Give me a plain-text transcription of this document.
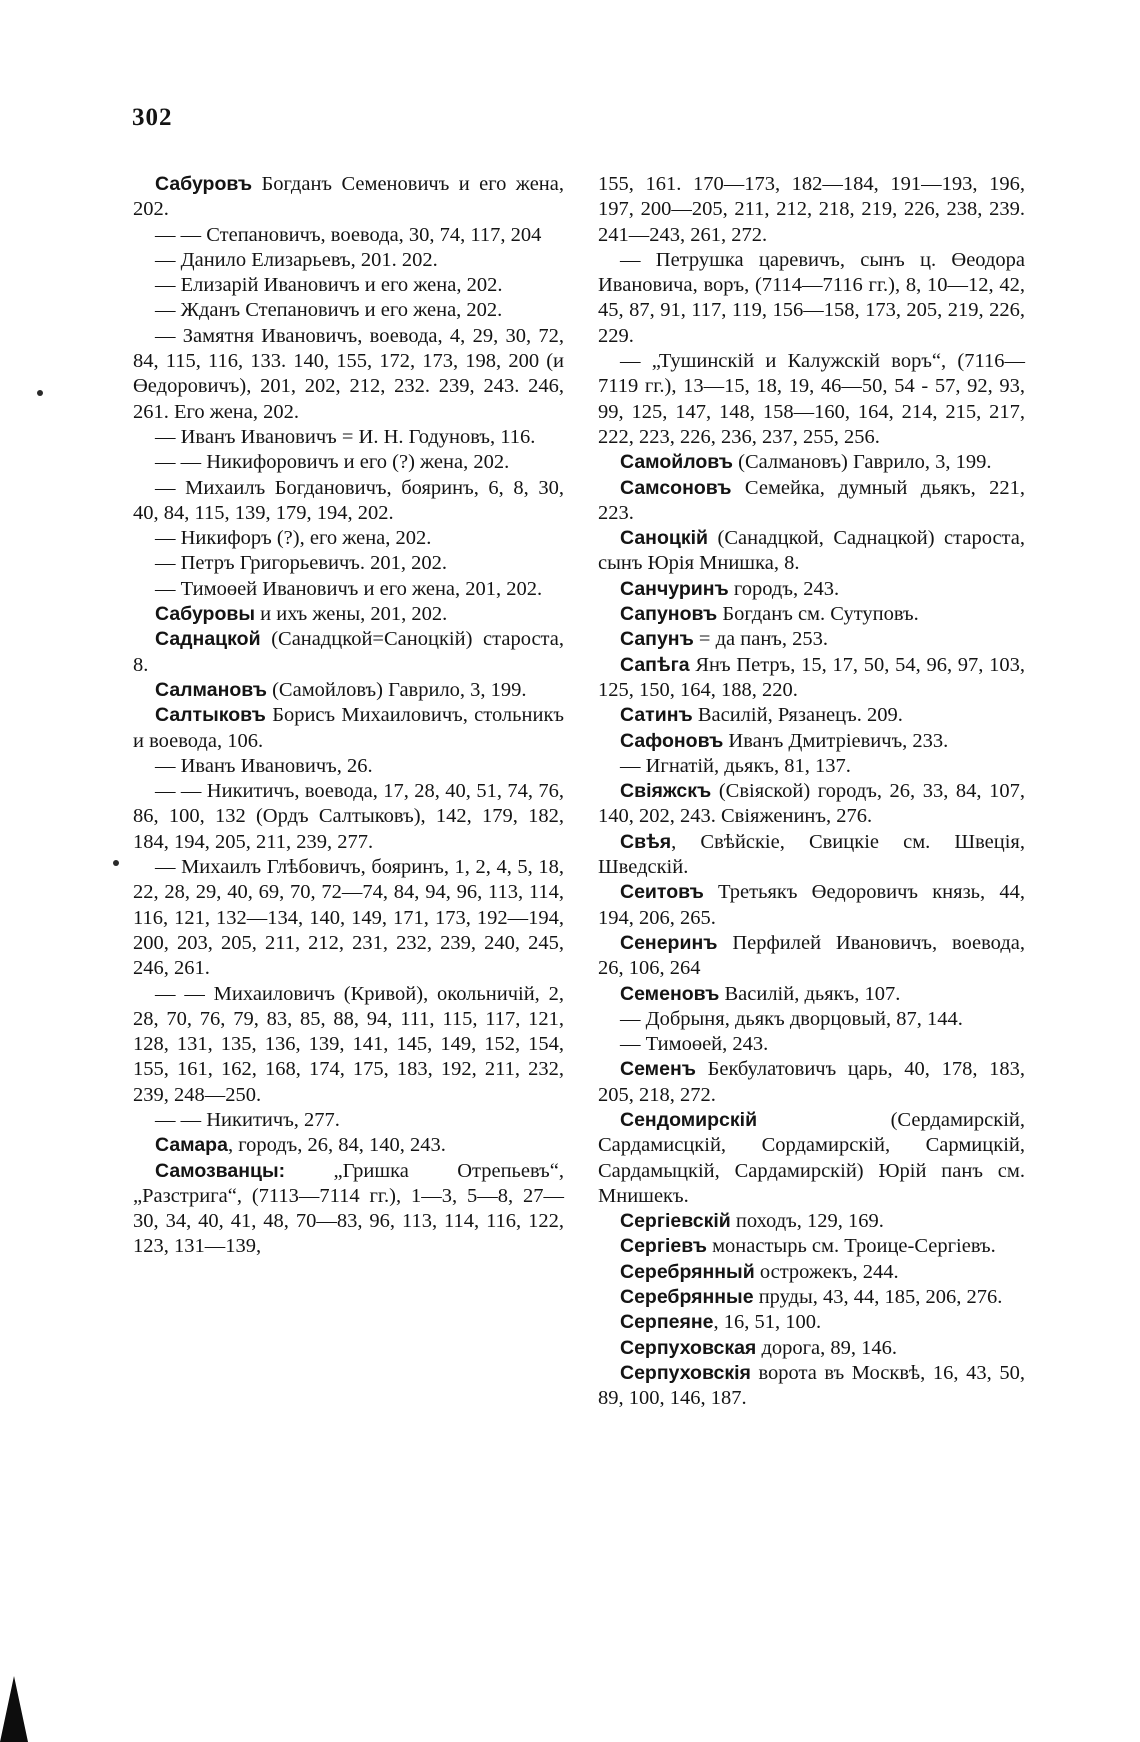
302

Сабуровъ Богданъ Семеновичъ и его жена, 202.

— — Степановичъ, воевода, 30, 74, 117, 204

— Данило Елизарьевъ, 201. 202.

— Елизарій Ивановичъ и его жена, 202.

— Жданъ Степановичъ и его жена, 202.

— Замятня Ивановичъ, воевода, 4, 29, 30, 72, 84, 115, 116, 133. 140, 155, 172, 173, 198, 200 (и Өедоровичъ), 201, 202, 212, 232. 239, 243. 246, 261. Его жена, 202.

— Иванъ Ивановичъ = И. Н. Годуновъ, 116.

— — Никифоровичъ и его (?) жена, 202.

— Михаилъ Богдановичъ, бояринъ, 6, 8, 30, 40, 84, 115, 139, 179, 194, 202.

— Никифоръ (?), его жена, 202.

— Петръ Григорьевичъ. 201, 202.

— Тимоөей Ивановичъ и его жена, 201, 202.

Сабуровы и ихъ жены, 201, 202.

Саднацкой (Санадцкой=Саноцкій) староста, 8.

Салмановъ (Самойловъ) Гаврило, 3, 199.

Салтыковъ Борисъ Михаиловичъ, стольникъ и воевода, 106.

— Иванъ Ивановичъ, 26.

— — Никитичъ, воевода, 17, 28, 40, 51, 74, 76, 86, 100, 132 (Ордъ Салтыковъ), 142, 179, 182, 184, 194, 205, 211, 239, 277.

— Михаилъ Глѣбовичъ, бояринъ, 1, 2, 4, 5, 18, 22, 28, 29, 40, 69, 70, 72—74, 84, 94, 96, 113, 114, 116, 121, 132—134, 140, 149, 171, 173, 192—194, 200, 203, 205, 211, 212, 231, 232, 239, 240, 245, 246, 261.

— — Михаиловичъ (Кривой), окольничій, 2, 28, 70, 76, 79, 83, 85, 88, 94, 111, 115, 117, 121, 128, 131, 135, 136, 139, 141, 145, 149, 152, 154, 155, 161, 162, 168, 174, 175, 183, 192, 211, 232, 239, 248—250.

— — Никитичъ, 277.

Самара, городъ, 26, 84, 140, 243.

Самозванцы: „Гришка Отрепьевъ“, „Разстрига“, (7113—7114 гг.), 1—3, 5—8, 27—30, 34, 40, 41, 48, 70—83, 96, 113, 114, 116, 122, 123, 131—139,

155, 161. 170—173, 182—184, 191—193, 196, 197, 200—205, 211, 212, 218, 219, 226, 238, 239. 241—243, 261, 272.

— Петрушка царевичъ, сынъ ц. Өеодора Ивановича, воръ, (7114—7116 гг.), 8, 10—12, 42, 45, 87, 91, 117, 119, 156—158, 173, 205, 219, 226, 229.

— „Тушинскій и Калужскій воръ“, (7116—7119 гг.), 13—15, 18, 19, 46—50, 54 - 57, 92, 93, 99, 125, 147, 148, 158—160, 164, 214, 215, 217, 222, 223, 226, 236, 237, 255, 256.

Самойловъ (Салмановъ) Гаврило, 3, 199.

Самсоновъ Семейка, думный дьякъ, 221, 223.

Саноцкій (Санадцкой, Саднацкой) староста, сынъ Юрія Мнишка, 8.

Санчуринъ городъ, 243.

Сапуновъ Богданъ см. Сутуповъ.

Сапунъ = да панъ, 253.

Сапѣга Янъ Петръ, 15, 17, 50, 54, 96, 97, 103, 125, 150, 164, 188, 220.

Сатинъ Василій, Рязанецъ. 209.

Сафоновъ Иванъ Дмитріевичъ, 233.

— Игнатій, дьякъ, 81, 137.

Свіяжскъ (Свіяской) городъ, 26, 33, 84, 107, 140, 202, 243. Свіяженинъ, 276.

Свѣя, Свѣйскіе, Свицкіе см. Швеція, Шведскій.

Сеитовъ Третьякъ Өедоровичъ князь, 44, 194, 206, 265.

Сенеринъ Перфилей Ивановичъ, воевода, 26, 106, 264

Семеновъ Василій, дьякъ, 107.

— Добрыня, дьякъ дворцовый, 87, 144.

— Тимоөей, 243.

Семенъ Бекбулатовичъ царь, 40, 178, 183, 205, 218, 272.

Сендомирскій (Сердамирскій, Сардамисцкій, Сордамирскій, Сармицкій, Сардамыцкій, Сардамирскій) Юрій панъ см. Мнишекъ.

Сергіевскій походъ, 129, 169.

Сергіевъ монастырь см. Троице-Сергіевъ.

Серебрянный острожекъ, 244.

Серебрянные пруды, 43, 44, 185, 206, 276.

Серпеяне, 16, 51, 100.

Серпуховская дорога, 89, 146.

Серпуховскія ворота въ Москвѣ, 16, 43, 50, 89, 100, 146, 187.
